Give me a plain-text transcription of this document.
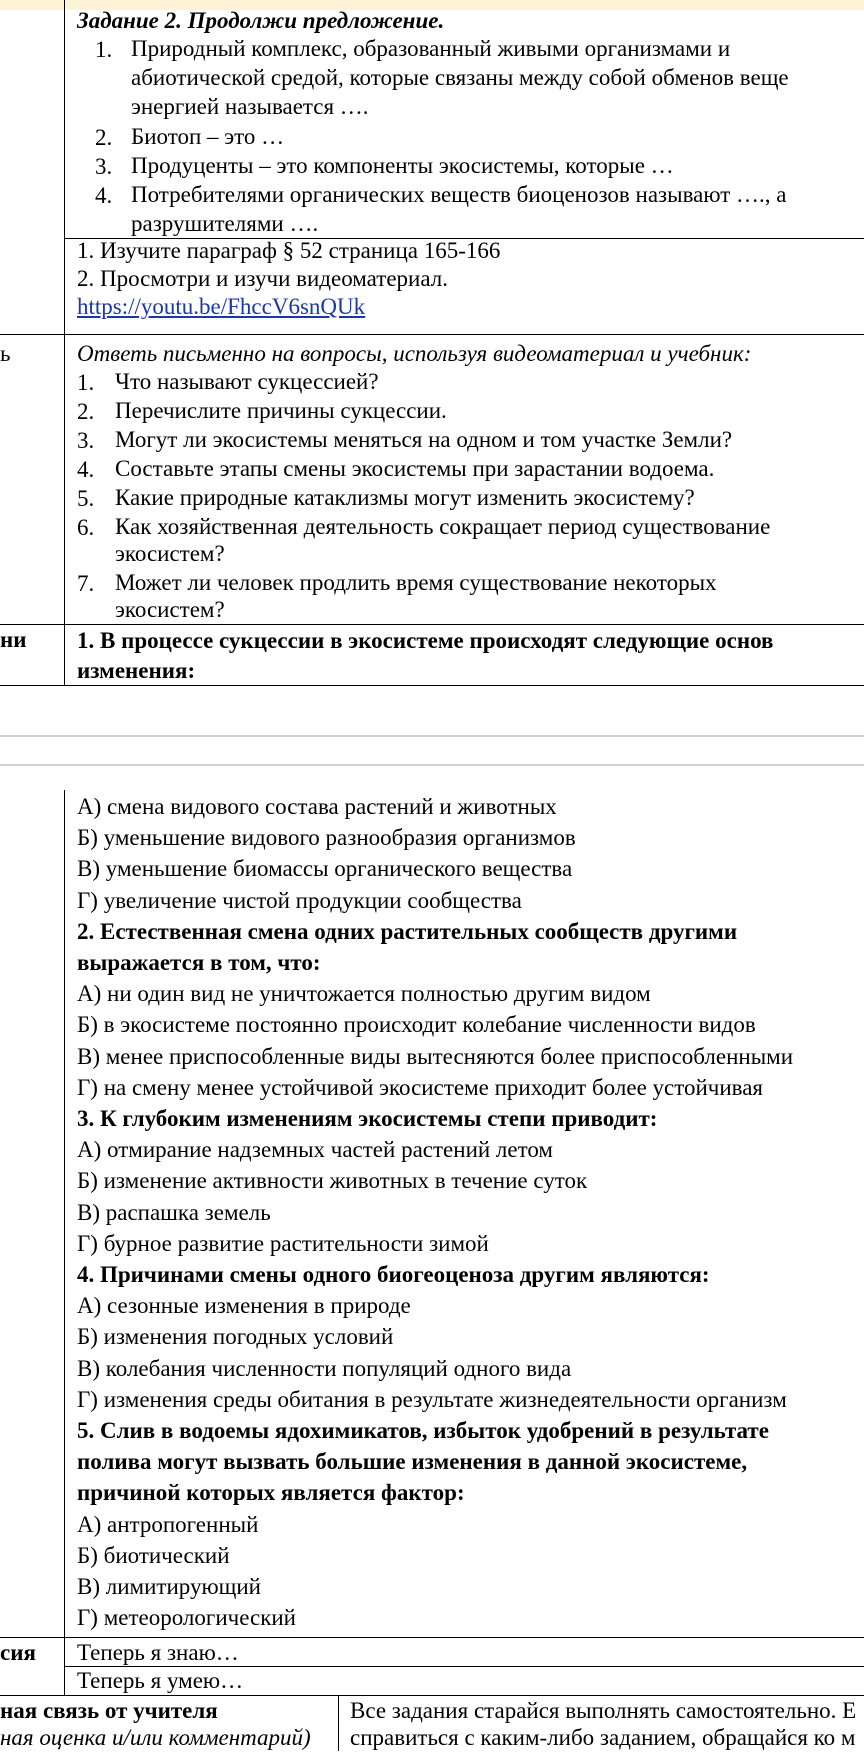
Задание 2. Продолжи предложение.
1. Природный комплекс, образованный живыми организмами и
абиотической средой, которые связаны между собой обменов веще
энергией называется ….
2. Биотоп – это …
3. Продуценты – это компоненты экосистемы, которые …
4. Потребителями органических веществ биоценозов называют …., а
разрушителями ….
1. Изучите параграф § 52 страница 165-166
2. Просмотри и изучи видеоматериал.
https://youtu.be/FhccV6snQUk
ь	Ответь письменно на вопросы, используя видеоматериал и учебник:
1. Что называют сукцессией?
2. Перечислите причины сукцессии.
3. Могут ли экосистемы меняться на одном и том участке Земли?
4. Составьте этапы смены экосистемы при зарастании водоема.
5. Какие природные катаклизмы могут изменить экосистему?
6. Как хозяйственная деятельность сокращает период существование
экосистем?
7. Может ли человек продлить время существование некоторых
экосистем?
ни 1. В процессе сукцессии в экосистеме происходят следующие основ
изменения:
А) смена видового состава растений и животных
Б) уменьшение видового разнообразия организмов
В) уменьшение биомассы органического вещества
Г) увеличение чистой продукции сообщества
2. Естественная смена одних растительных сообществ другими
выражается в том, что:
А) ни один вид не уничтожается полностью другим видом
Б) в экосистеме постоянно происходит колебание численности видов
В) менее приспособленные виды вытесняются более приспособленными
Г) на смену менее устойчивой экосистеме приходит более устойчивая
3. К глубоким изменениям экосистемы степи приводит:
А) отмирание надземных частей растений летом
Б) изменение активности животных в течение суток
В) распашка земель
Г) бурное развитие растительности зимой
4. Причинами смены одного биогеоценоза другим являются:
А) сезонные изменения в природе
Б) изменения погодных условий
В) колебания численности популяций одного вида
Г) изменения среды обитания в результате жизнедеятельности организм
5. Слив в водоемы ядохимикатов, избыток удобрений в результате
полива могут вызвать большие изменения в данной экосистеме,
причиной которых является фактор:
А) антропогенный
Б) биотический
В) лимитирующий
Г) метеорологический
сия Теперь я знаю…
Теперь я умею…
ная связь от учителя
ная оценка и/или комментарий)
Все задания старайся выполнять самостоятельно. Е
справиться с каким-либо заданием, обращайся ко м
